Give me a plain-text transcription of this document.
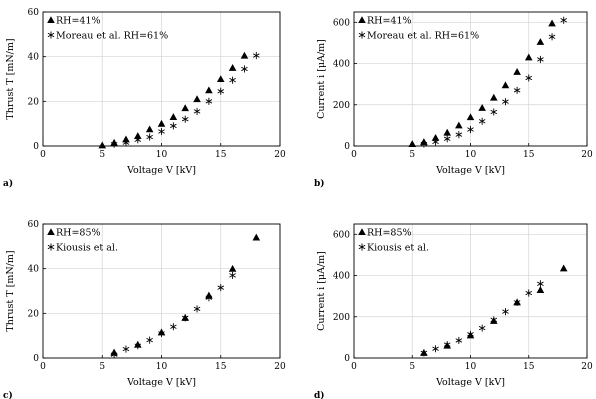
0	5	10	15	20
0
20
40
60
Voltage V [kV]
Thrust T [mN/m]
a)
RH=41%
Moreau et al. RH=61%
0	5	10	15	20
0
200
400
600
Voltage V [kV]
Current i [μA/m]
b)
RH=41%
Moreau et al. RH=61%
0	5	10	15	20
0
20
40
60
Voltage V [kV]
Thrust T [mN/m]
c)
RH=85%
Kiousis et al.
0	5	10	15	20
0
200
400
600
Voltage V [kV]
Current i [μA/m]
d)
RH=85%
Kiousis et al.
